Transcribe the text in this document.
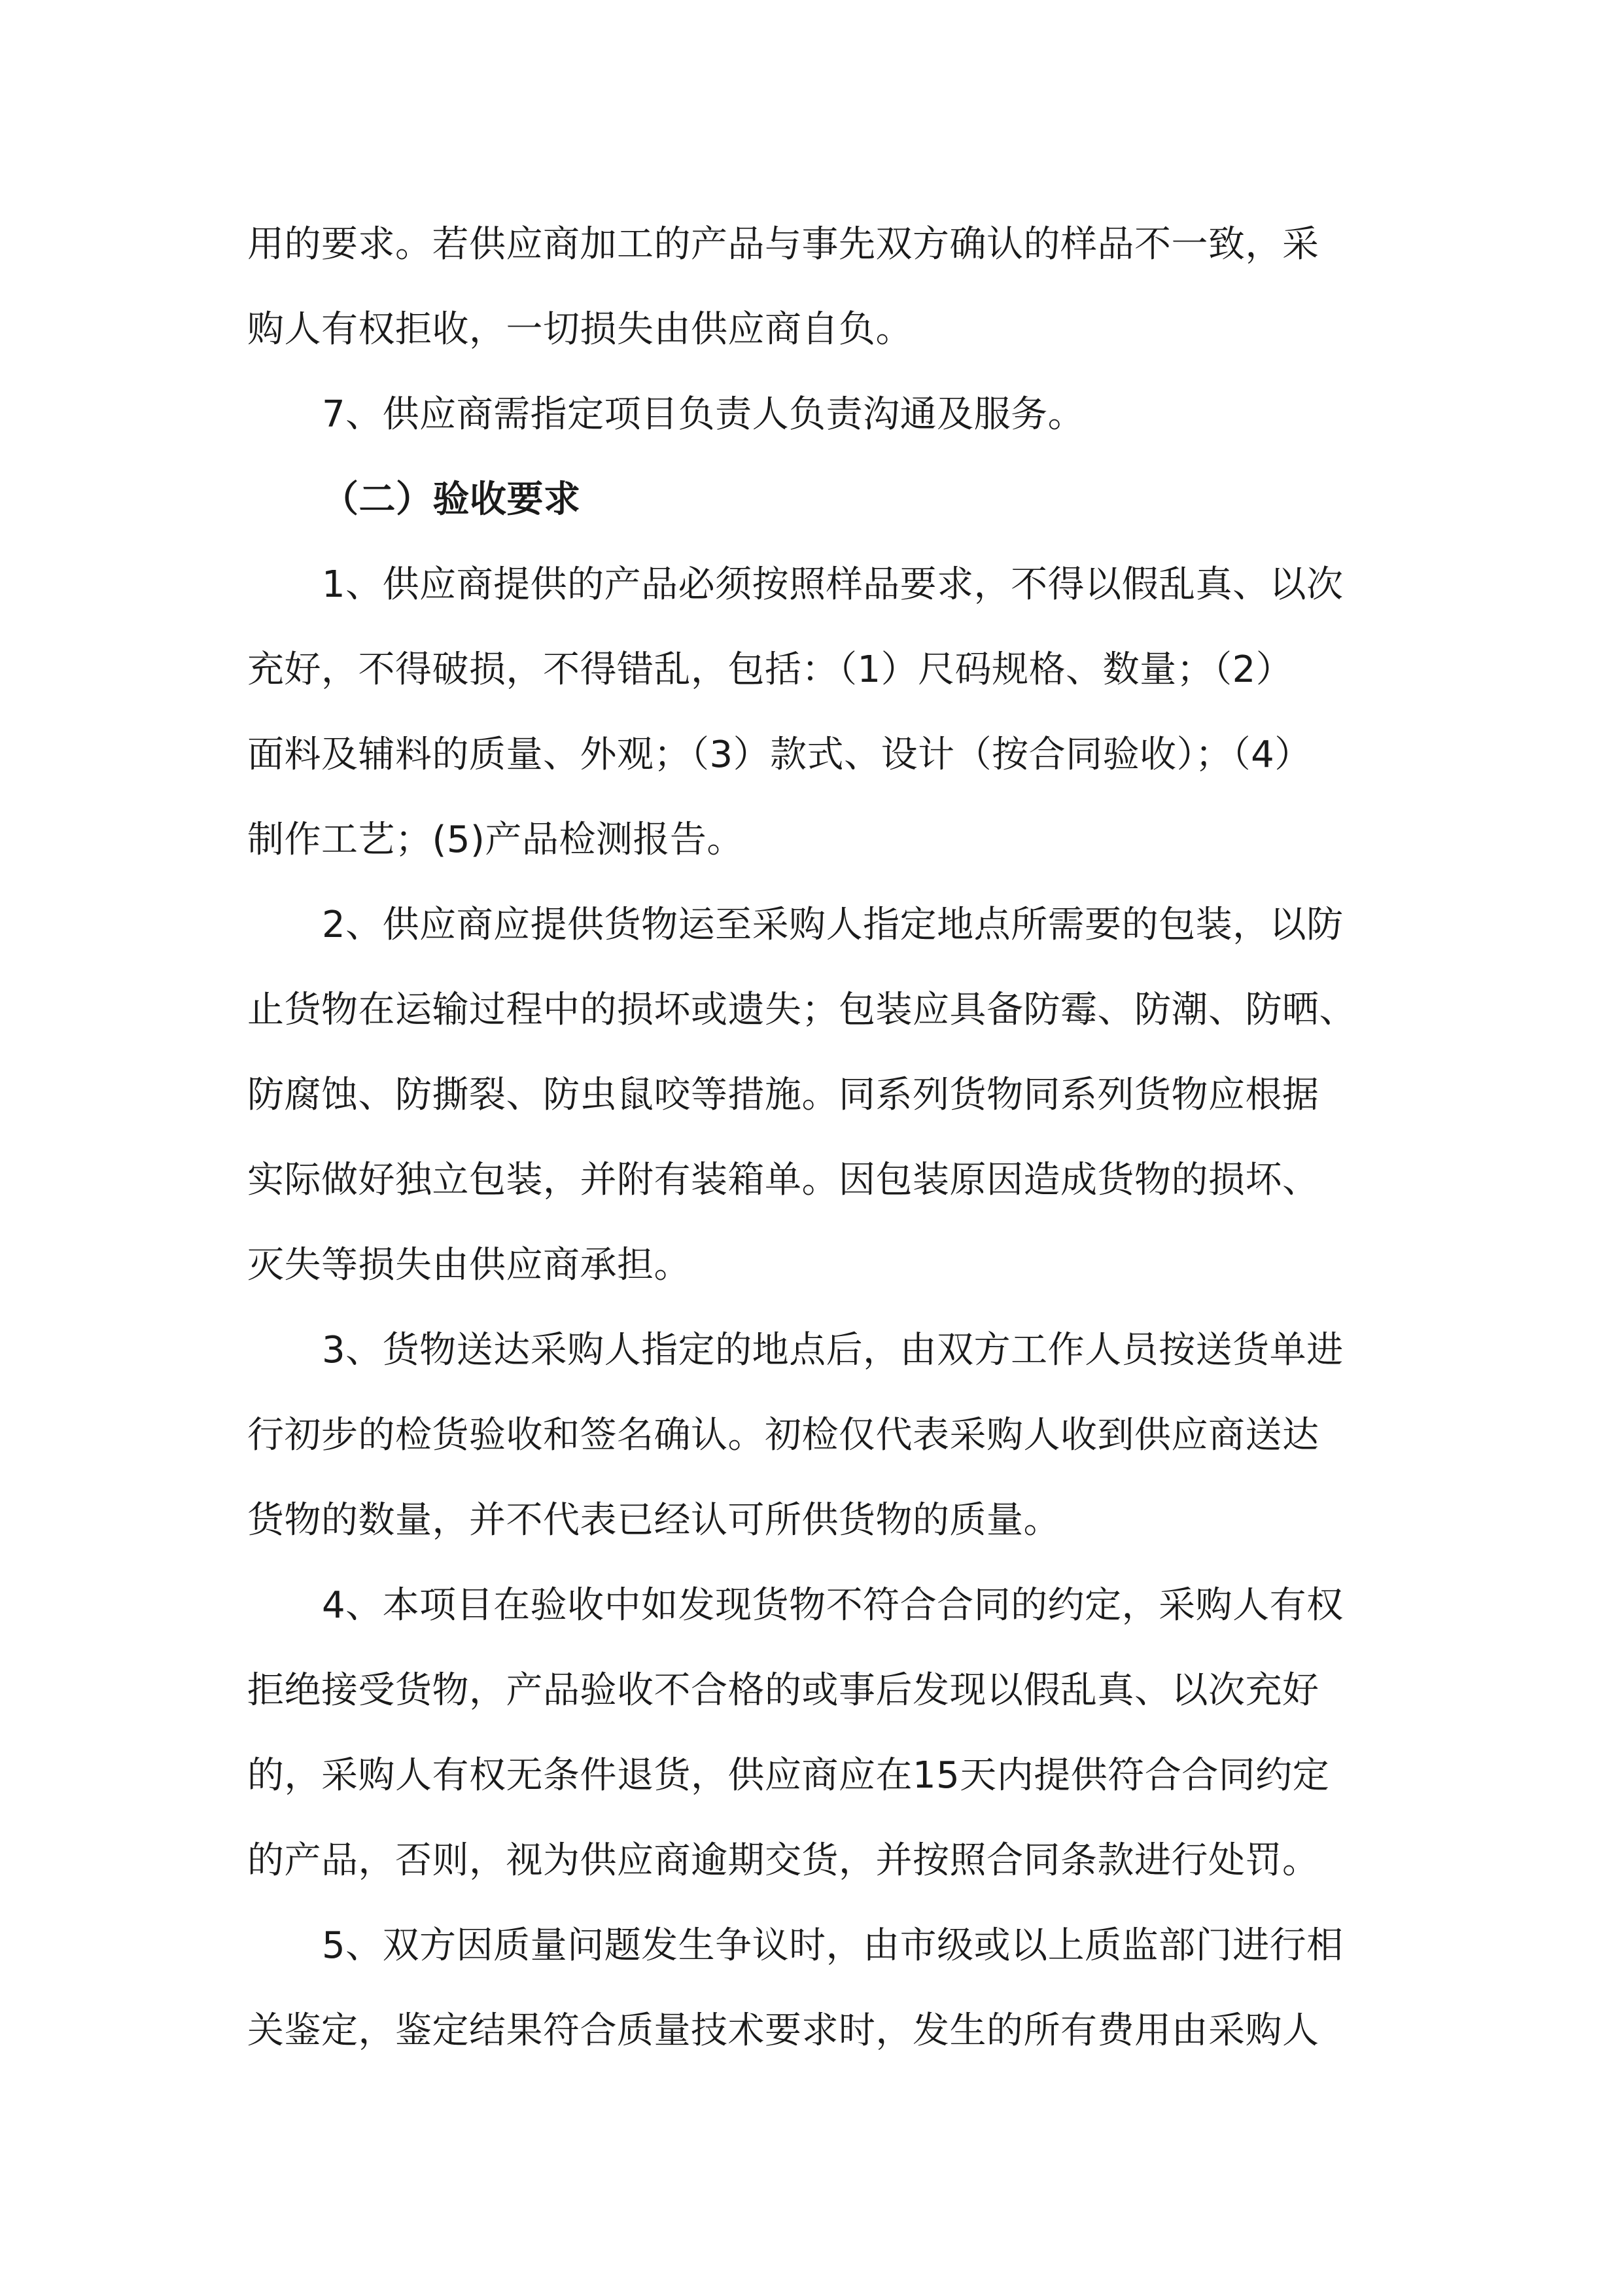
用的要求。若供应商加工的产品与事先双方确认的样品不一致，采
购人有权拒收，一切损失由供应商自负。
7、供应商需指定项目负责人负责沟通及服务。
（二）验收要求
1、供应商提供的产品必须按照样品要求，不得以假乱真、以次
充好，不得破损，不得错乱，包括：（1）尺码规格、数量；（2）
面料及辅料的质量、外观；（3）款式、设计（按合同验收）；（4）
制作工艺；(5)产品检测报告。
2、供应商应提供货物运至采购人指定地点所需要的包装，以防
止货物在运输过程中的损坏或遗失；包装应具备防霉、防潮、防晒、
防腐蚀、防撕裂、防虫鼠咬等措施。同系列货物同系列货物应根据
实际做好独立包装，并附有装箱单。因包装原因造成货物的损坏、
灭失等损失由供应商承担。
3、货物送达采购人指定的地点后，由双方工作人员按送货单进
行初步的检货验收和签名确认。初检仅代表采购人收到供应商送达
货物的数量，并不代表已经认可所供货物的质量。
4、本项目在验收中如发现货物不符合合同的约定，采购人有权
拒绝接受货物，产品验收不合格的或事后发现以假乱真、以次充好
的，采购人有权无条件退货，供应商应在15天内提供符合合同约定
的产品，否则，视为供应商逾期交货，并按照合同条款进行处罚。
5、双方因质量问题发生争议时，由市级或以上质监部门进行相
关鉴定，鉴定结果符合质量技术要求时，发生的所有费用由采购人
